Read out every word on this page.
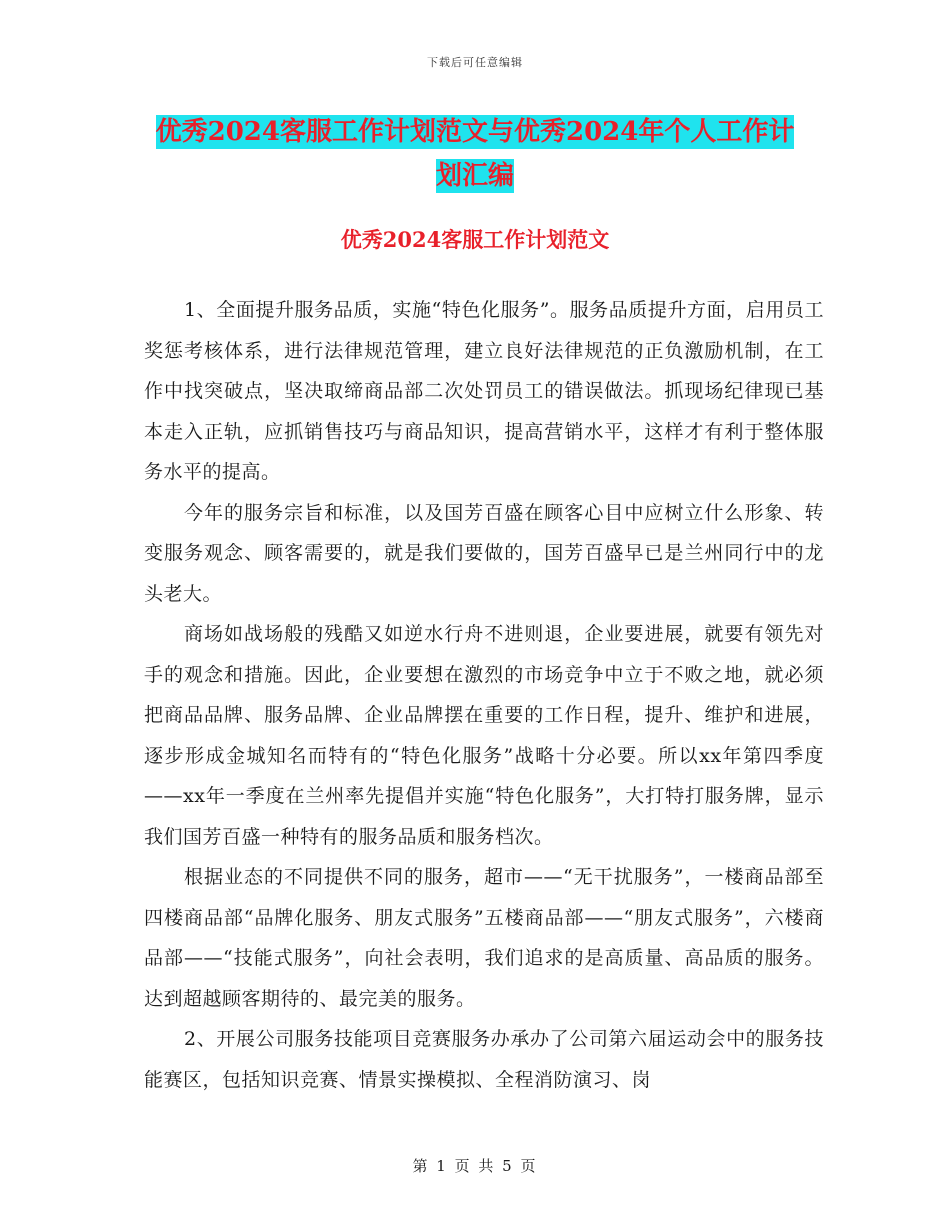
下载后可任意编辑
优秀2024客服工作计划范文与优秀2024年个人工作计划汇编
优秀2024客服工作计划范文

1、全面提升服务品质，实施“特色化服务”。服务品质提升方面，启用员工奖惩考核体系，进行法律规范管理，建立良好法律规范的正负激励机制，在工作中找突破点，坚决取缔商品部二次处罚员工的错误做法。抓现场纪律现已基本走入正轨，应抓销售技巧与商品知识，提高营销水平，这样才有利于整体服务水平的提高。

今年的服务宗旨和标准，以及国芳百盛在顾客心目中应树立什么形象、转变服务观念、顾客需要的，就是我们要做的，国芳百盛早已是兰州同行中的龙头老大。

商场如战场般的残酷又如逆水行舟不进则退，企业要进展，就要有领先对手的观念和措施。因此，企业要想在激烈的市场竞争中立于不败之地，就必须把商品品牌、服务品牌、企业品牌摆在重要的工作日程，提升、维护和进展，逐步形成金城知名而特有的“特色化服务”战略十分必要。所以xx年第四季度——xx年一季度在兰州率先提倡并实施“特色化服务”，大打特打服务牌，显示我们国芳百盛一种特有的服务品质和服务档次。

根据业态的不同提供不同的服务，超市——“无干扰服务”，一楼商品部至四楼商品部“品牌化服务、朋友式服务”五楼商品部——“朋友式服务”，六楼商品部——“技能式服务”，向社会表明，我们追求的是高质量、高品质的服务。达到超越顾客期待的、最完美的服务。

2、开展公司服务技能项目竞赛服务办承办了公司第六届运动会中的服务技能赛区，包括知识竞赛、情景实操模拟、全程消防演习、岗

第 1 页 共 5 页
